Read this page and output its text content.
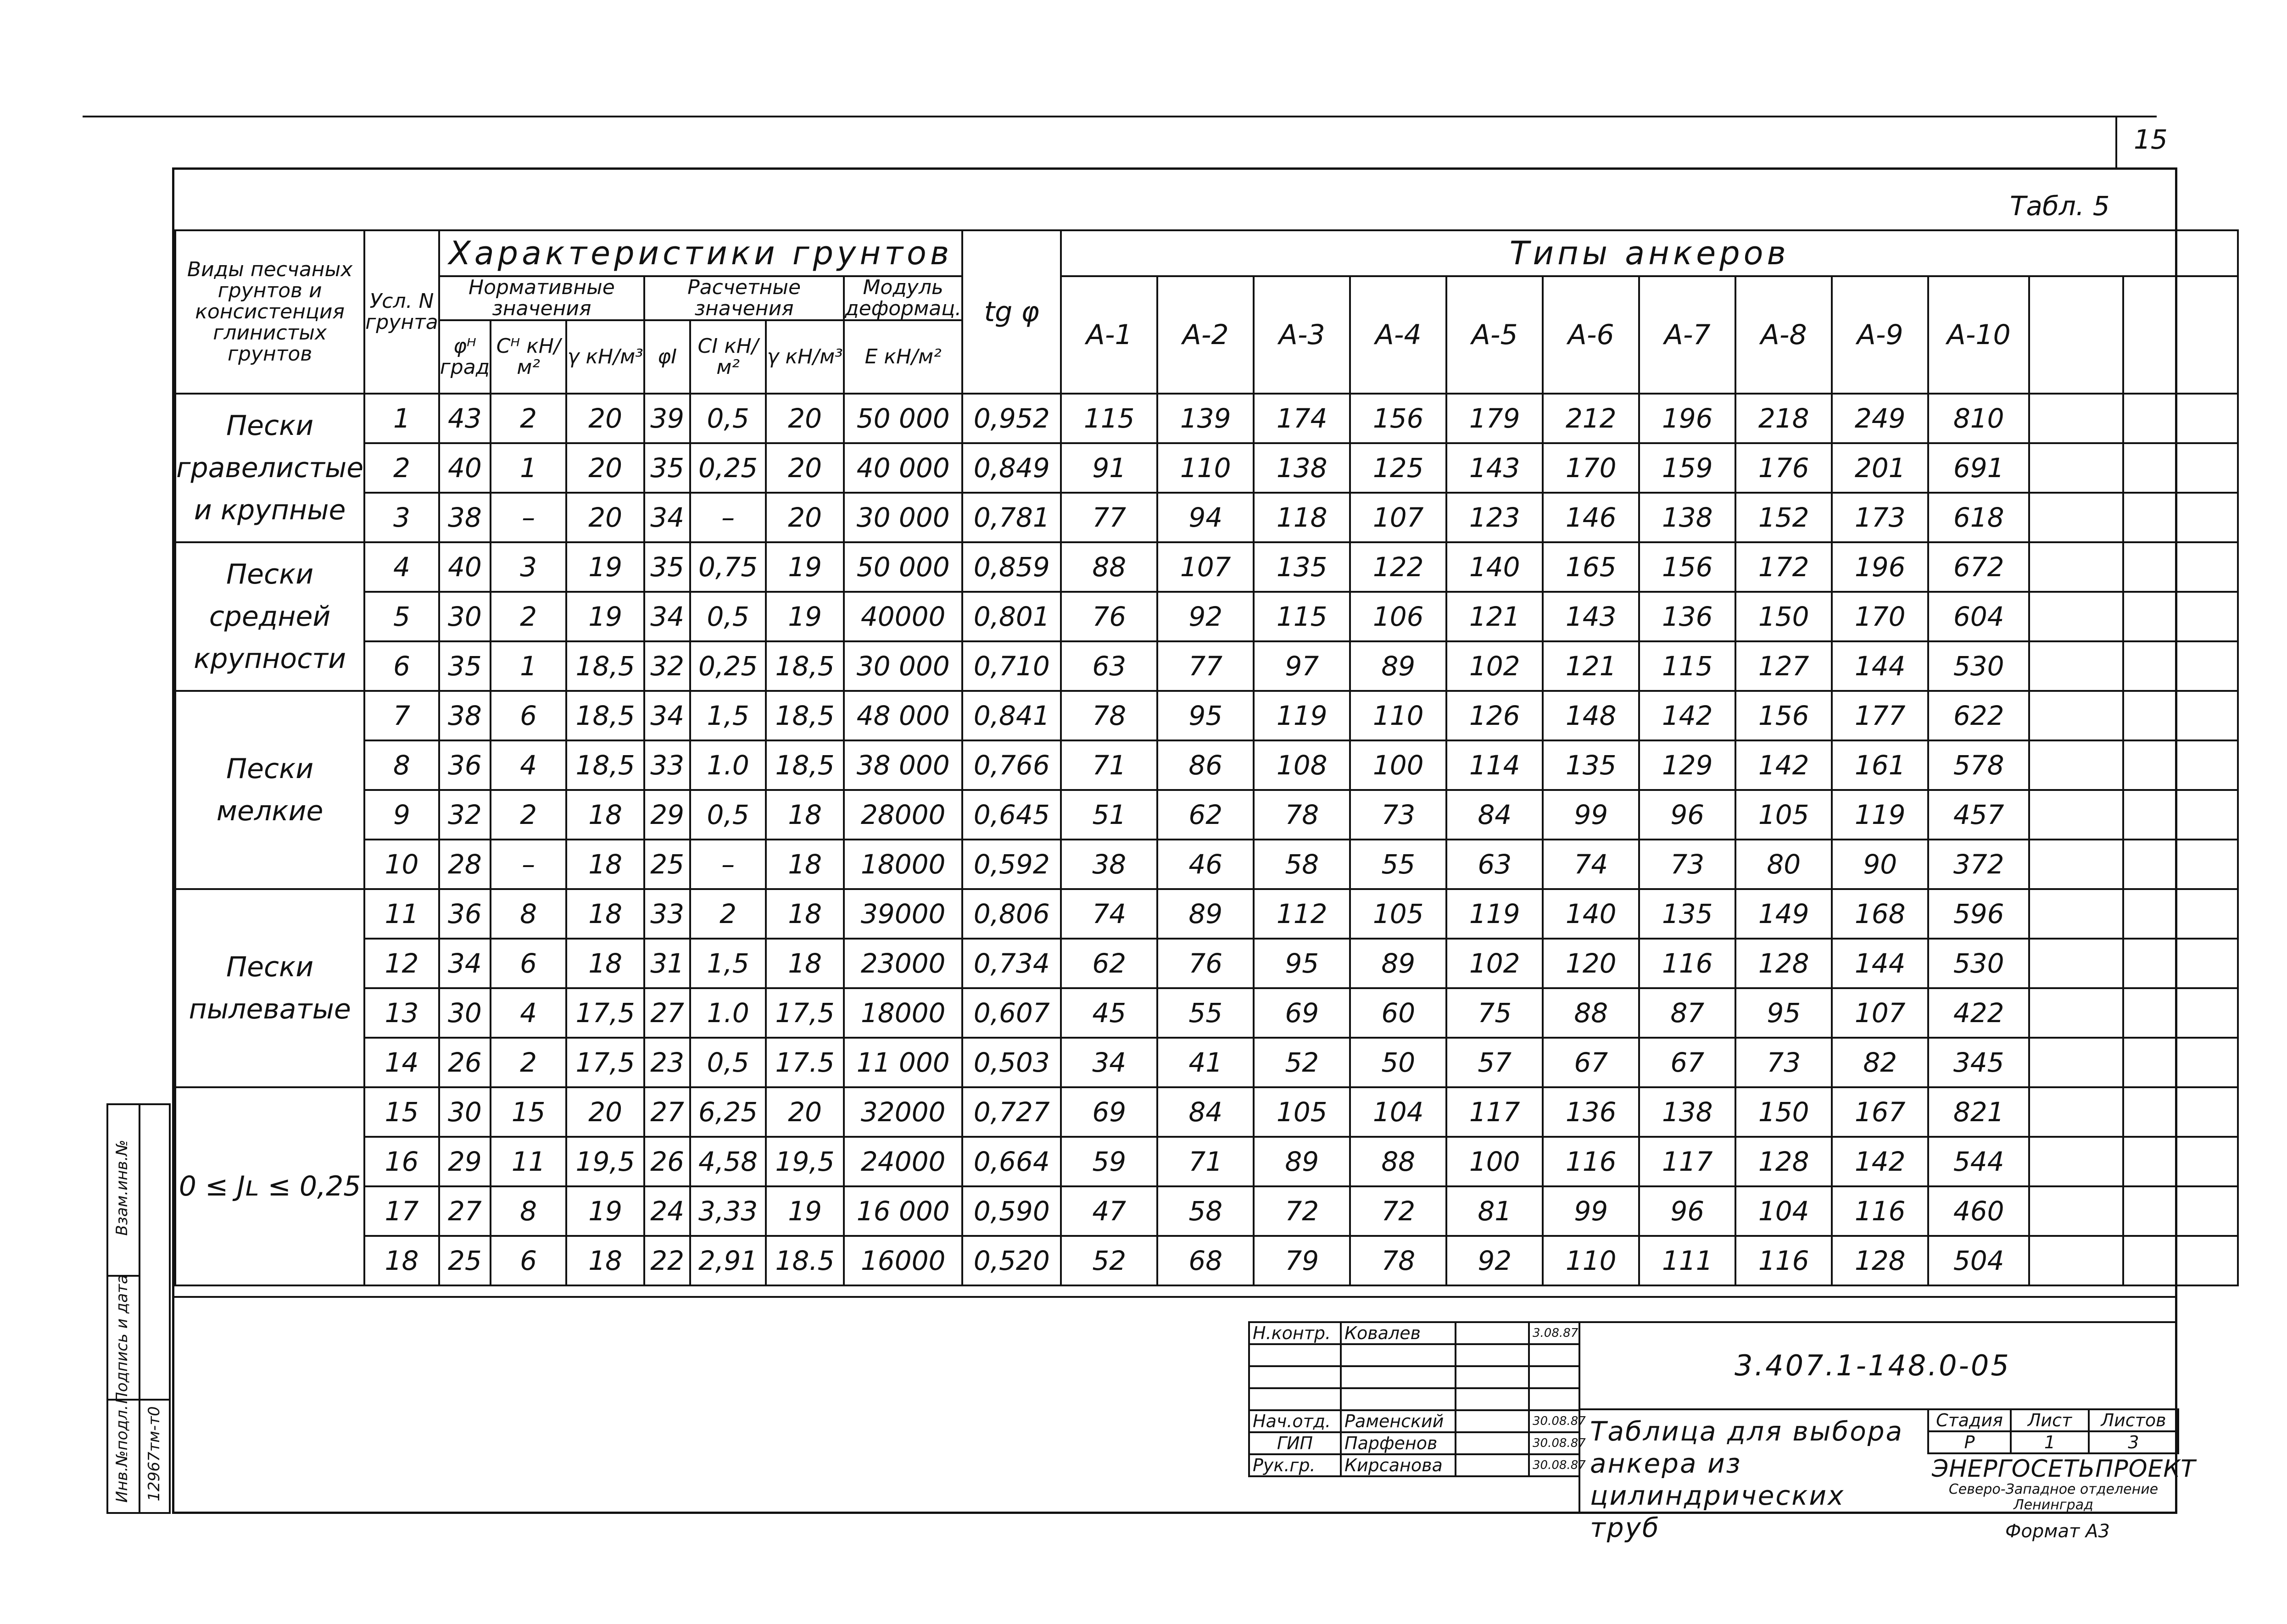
15
Табл. 5
Взам.инв.№
Подпись и дата
Инв.№подл. 12967тм-т0
Виды песчаных грунтов и консистенция глинистых грунтов	Усл. N грунта	Характеристики грунтов							tg φ	Типы анкеров											
		Нормативные значения			Расчетные значения			Модуль деформац.		А-1	А-2	А-3	А-4	А-5	А-6	А-7	А-8	А-9	А-10		
		φᴴ град	Cᴴ кН/м²	γ кН/м³	φI	CI кН/м²	γ кН/м³	E кН/м²													
Пески гравелистые и крупные	1	43	2	20	39	0,5	20	50 000	0,952	115	139	174	156	179	212	196	218	249	810		
	2	40	1	20	35	0,25	20	40 000	0,849	91	110	138	125	143	170	159	176	201	691		
	3	38	–	20	34	–	20	30 000	0,781	77	94	118	107	123	146	138	152	173	618		
Пески средней крупности	4	40	3	19	35	0,75	19	50 000	0,859	88	107	135	122	140	165	156	172	196	672		
	5	30	2	19	34	0,5	19	40000	0,801	76	92	115	106	121	143	136	150	170	604		
	6	35	1	18,5	32	0,25	18,5	30 000	0,710	63	77	97	89	102	121	115	127	144	530		
Пески мелкие	7	38	6	18,5	34	1,5	18,5	48 000	0,841	78	95	119	110	126	148	142	156	177	622		
	8	36	4	18,5	33	1.0	18,5	38 000	0,766	71	86	108	100	114	135	129	142	161	578		
	9	32	2	18	29	0,5	18	28000	0,645	51	62	78	73	84	99	96	105	119	457		
	10	28	–	18	25	–	18	18000	0,592	38	46	58	55	63	74	73	80	90	372		
Пески пылеватые	11	36	8	18	33	2	18	39000	0,806	74	89	112	105	119	140	135	149	168	596		
	12	34	6	18	31	1,5	18	23000	0,734	62	76	95	89	102	120	116	128	144	530		
	13	30	4	17,5	27	1.0	17,5	18000	0,607	45	55	69	60	75	88	87	95	107	422		
	14	26	2	17,5	23	0,5	17.5	11 000	0,503	34	41	52	50	57	67	67	73	82	345		
0 ≤ Jʟ ≤ 0,25	15	30	15	20	27	6,25	20	32000	0,727	69	84	105	104	117	136	138	150	167	821		
	16	29	11	19,5	26	4,58	19,5	24000	0,664	59	71	89	88	100	116	117	128	142	544		
	17	27	8	19	24	3,33	19	16 000	0,590	47	58	72	72	81	99	96	104	116	460		
	18	25	6	18	22	2,91	18.5	16000	0,520	52	68	79	78	92	110	111	116	128	504		
Н.контр.	Ковалев		3.08.87

Нач.отд.	Раменский		30.08.87
ГИП	Парфенов		30.08.87
Рук.гр.	Кирсанова		30.08.87
3.407.1-148.0-05
Таблица для выбора анкера из цилиндрических труб
Стадия	Лист	Листов
Р	1	3
ЭНЕРГОСЕТЬПРОЕКТ
Северо-Западное отделение Ленинград
Формат А3
